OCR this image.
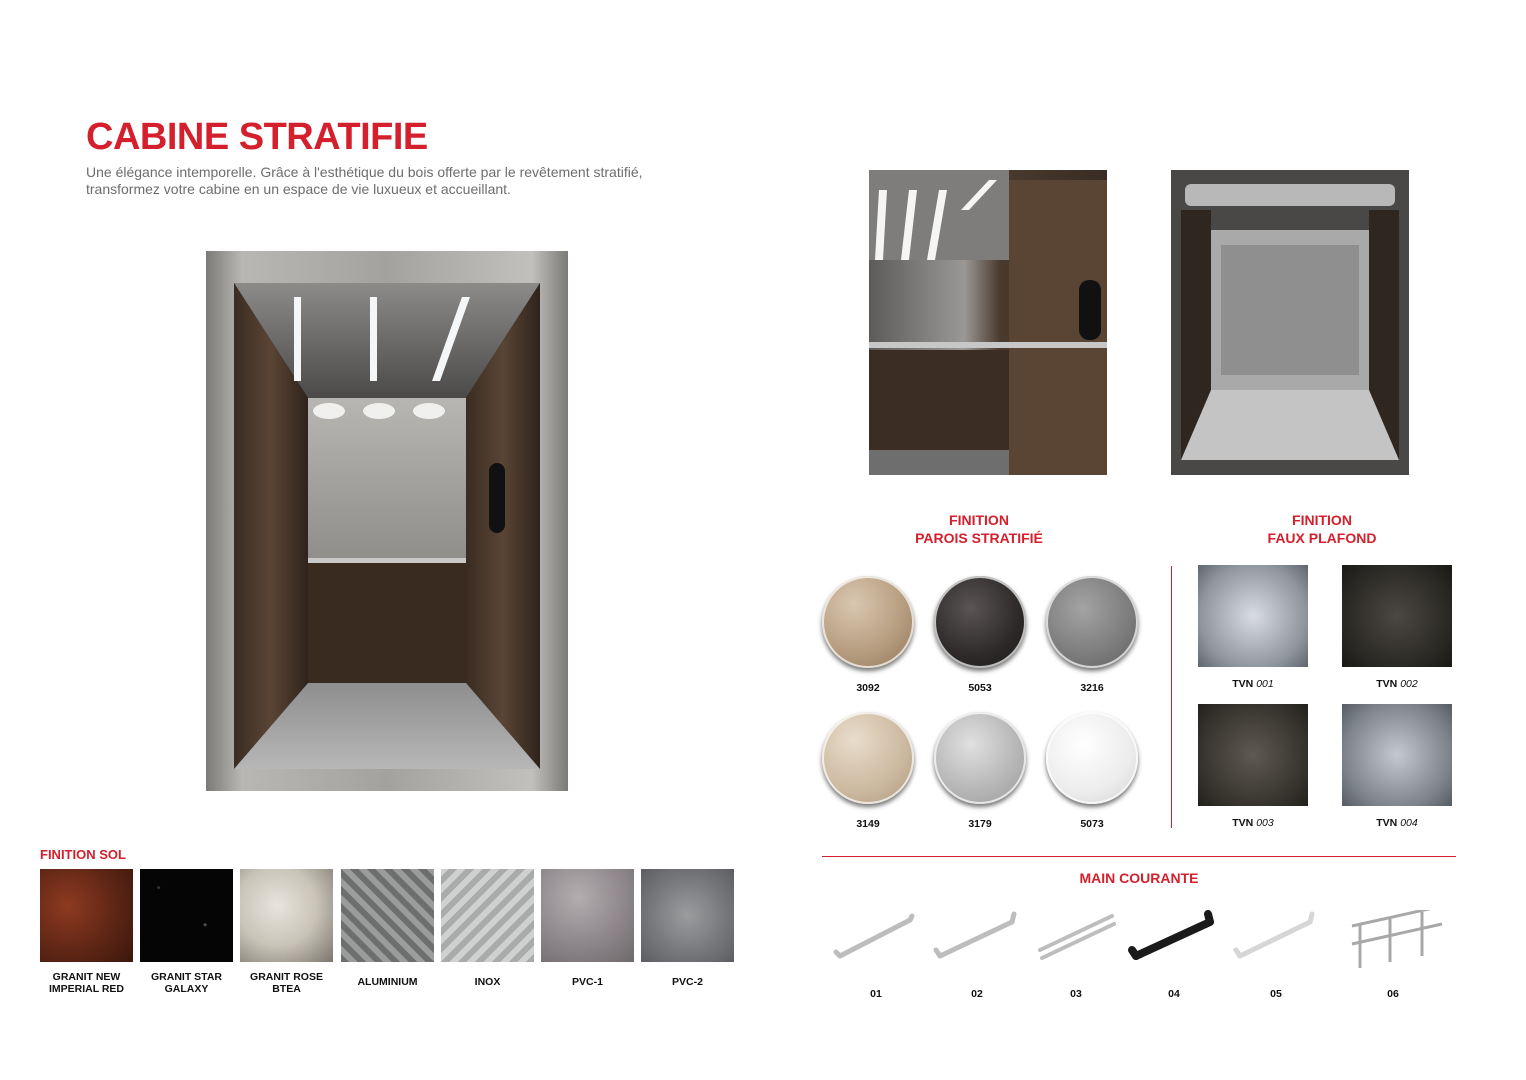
CABINE STRATIFIE
Une élégance intemporelle. Grâce à l'esthétique du bois offerte par le revêtement stratifié, transformez votre cabine en un espace de vie luxueux et accueillant.
FINITION
PAROIS STRATIFIÉ
3092	5053	3216
3149	3179	5073
FINITION
FAUX PLAFOND
TVN 001	TVN 002
TVN 003	TVN 004
MAIN COURANTE
01	02	03	04	05	06
FINITION SOL
GRANIT NEW
IMPERIAL RED
GRANIT STAR
GALAXY
GRANIT ROSE
BTEA
ALUMINIUM	INOX	PVC-1	PVC-2
